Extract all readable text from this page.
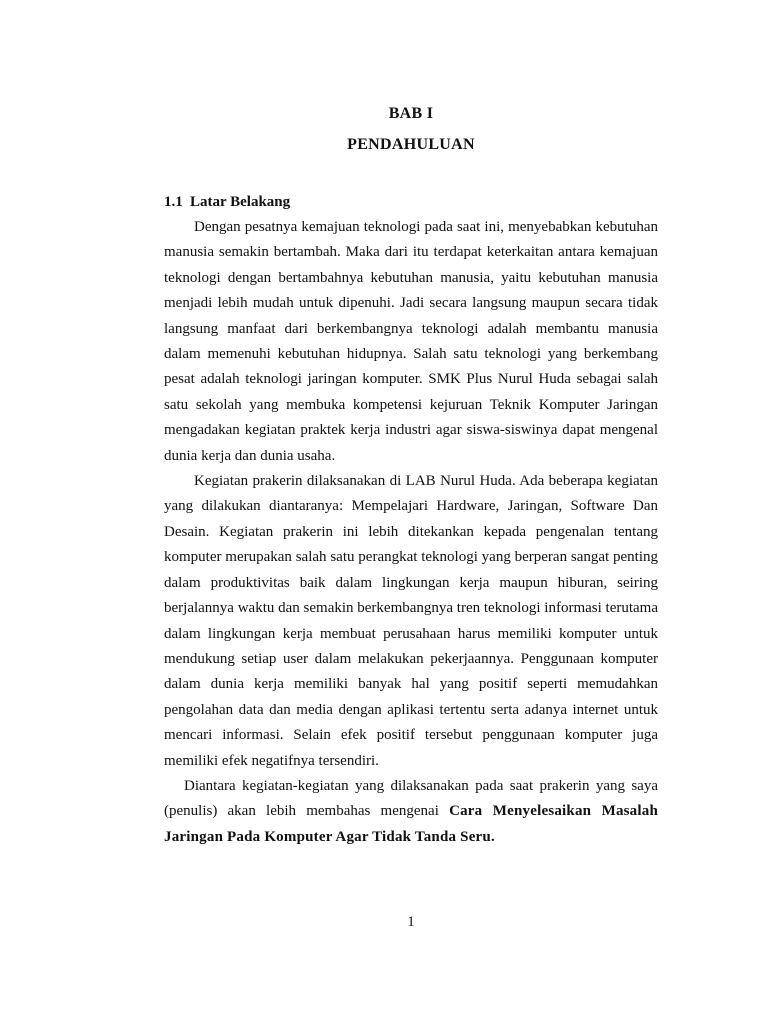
BAB I
PENDAHULUAN
1.1 Latar Belakang

Dengan pesatnya kemajuan teknologi pada saat ini, menyebabkan kebutuhan manusia semakin bertambah. Maka dari itu terdapat keterkaitan antara kemajuan teknologi dengan bertambahnya kebutuhan manusia, yaitu kebutuhan manusia menjadi lebih mudah untuk dipenuhi. Jadi secara langsung maupun secara tidak langsung manfaat dari berkembangnya teknologi adalah membantu manusia dalam memenuhi kebutuhan hidupnya. Salah satu teknologi yang berkembang pesat adalah teknologi jaringan komputer. SMK Plus Nurul Huda sebagai salah satu sekolah yang membuka kompetensi kejuruan Teknik Komputer Jaringan mengadakan kegiatan praktek kerja industri agar siswa-siswinya dapat mengenal dunia kerja dan dunia usaha.

Kegiatan prakerin dilaksanakan di LAB Nurul Huda. Ada beberapa kegiatan yang dilakukan diantaranya: Mempelajari Hardware, Jaringan, Software Dan Desain. Kegiatan prakerin ini lebih ditekankan kepada pengenalan tentang komputer merupakan salah satu perangkat teknologi yang berperan sangat penting dalam produktivitas baik dalam lingkungan kerja maupun hiburan, seiring berjalannya waktu dan semakin berkembangnya tren teknologi informasi terutama dalam lingkungan kerja membuat perusahaan harus memiliki komputer untuk mendukung setiap user dalam melakukan pekerjaannya. Penggunaan komputer dalam dunia kerja memiliki banyak hal yang positif seperti memudahkan pengolahan data dan media dengan aplikasi tertentu serta adanya internet untuk mencari informasi. Selain efek positif tersebut penggunaan komputer juga memiliki efek negatifnya tersendiri.

Diantara kegiatan-kegiatan yang dilaksanakan pada saat prakerin yang saya (penulis) akan lebih membahas mengenai Cara Menyelesaikan Masalah Jaringan Pada Komputer Agar Tidak Tanda Seru.

1
